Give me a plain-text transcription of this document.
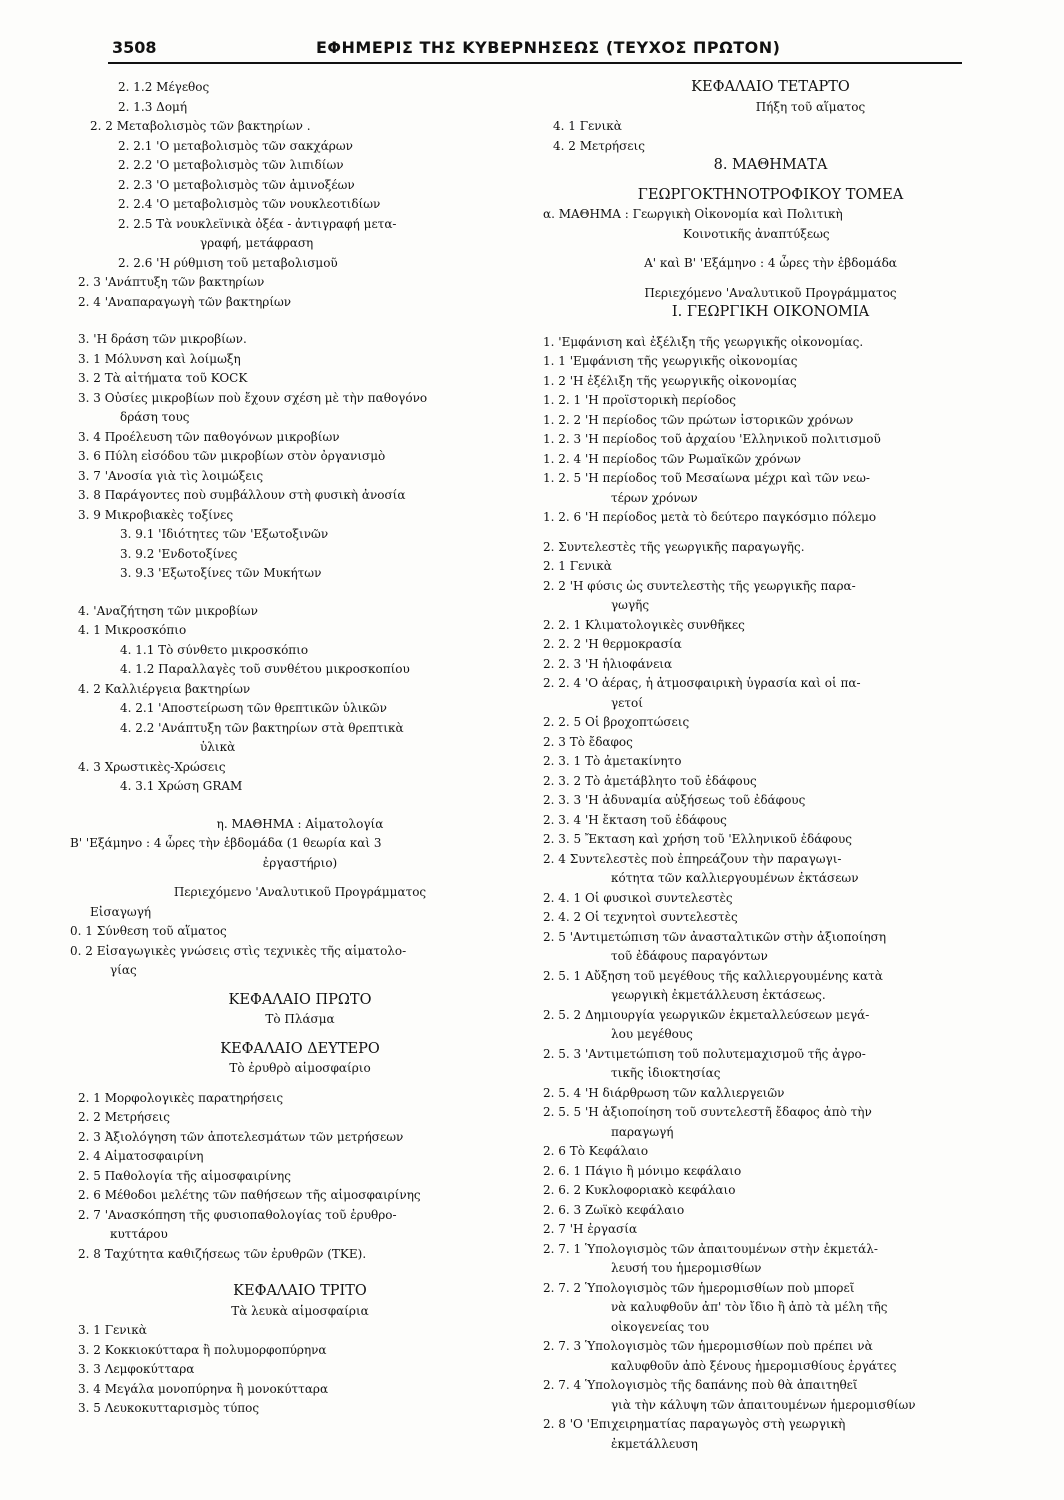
3508	ΕΦΗΜΕΡΙΣ ΤΗΣ ΚΥΒΕΡΝΗΣΕΩΣ (ΤΕΥΧΟΣ ΠΡΩΤΟΝ)
2. 1.2 Μέγεθος
2. 1.3 Δομή
2. 2 Μεταβολισμὸς τῶν βακτηρίων .
2. 2.1 'Ο μεταβολισμὸς τῶν σακχάρων
2. 2.2 'Ο μεταβολισμὸς τῶν λιπιδίων
2. 2.3 'Ο μεταβολισμὸς τῶν ἀμινοξέων
2. 2.4 'Ο μεταβολισμὸς τῶν νουκλεοτιδίων
2. 2.5 Τὰ νουκλεϊνικὰ ὀξέα - ἀντιγραφή μετα-
γραφή, μετάφραση
2. 2.6 'Η ρύθμιση τοῦ μεταβολισμοῦ
2. 3 'Ανάπτυξη τῶν βακτηρίων
2. 4 'Αναπαραγωγὴ τῶν βακτηρίων
3. 'Η δράση τῶν μικροβίων.
3. 1 Μόλυνση καὶ λοίμωξη
3. 2 Τὰ αἰτήματα τοῦ KOCK
3. 3 Οὐσίες μικροβίων ποὺ ἔχουν σχέση μὲ τὴν παθογόνο
δράση τους
3. 4 Προέλευση τῶν παθογόνων μικροβίων
3. 6 Πύλη εἰσόδου τῶν μικροβίων στὸν ὀργανισμὸ
3. 7 'Ανοσία γιὰ τὶς λοιμώξεις
3. 8 Παράγοντες ποὺ συμβάλλουν στὴ φυσικὴ ἀνοσία
3. 9 Μικροβιακὲς τοξίνες
3. 9.1 'Ιδιότητες τῶν 'Εξωτοξινῶν
3. 9.2 'Ενδοτοξίνες
3. 9.3 'Εξωτοξίνες τῶν Μυκήτων
4. 'Αναζήτηση τῶν μικροβίων
4. 1 Μικροσκόπιο
4. 1.1 Τὸ σύνθετο μικροσκόπιο
4. 1.2 Παραλλαγὲς τοῦ συνθέτου μικροσκοπίου
4. 2 Καλλιέργεια βακτηρίων
4. 2.1 'Αποστείρωση τῶν θρεπτικῶν ὑλικῶν
4. 2.2 'Ανάπτυξη τῶν βακτηρίων στὰ θρεπτικὰ
ὑλικὰ
4. 3 Χρωστικὲς-Χρώσεις
4. 3.1 Χρώση GRAM
η. ΜΑΘΗΜΑ : Αἱματολογία
Β' 'Εξάμηνο : 4 ὧρες τὴν ἑβδομάδα (1 θεωρία καὶ 3
ἐργαστήριο)
Περιεχόμενο 'Αναλυτικοῦ Προγράμματος
Εἰσαγωγή
0. 1 Σύνθεση τοῦ αἵματος
0. 2 Εἰσαγωγικὲς γνώσεις στὶς τεχνικὲς τῆς αἱματολο-
γίας
ΚΕΦΑΛΑΙΟ ΠΡΩΤΟ
Τὸ Πλάσμα
ΚΕΦΑΛΑΙΟ ΔΕΥΤΕΡΟ
Τὸ ἐρυθρὸ αἱμοσφαίριο
2. 1 Μορφολογικὲς παρατηρήσεις
2. 2 Μετρήσεις
2. 3 Ἀξιολόγηση τῶν ἀποτελεσμάτων τῶν μετρήσεων
2. 4 Αἱματοσφαιρίνη
2. 5 Παθολογία τῆς αἱμοσφαιρίνης
2. 6 Μέθοδοι μελέτης τῶν παθήσεων τῆς αἱμοσφαιρίνης
2. 7 'Ανασκόπηση τῆς φυσιοπαθολογίας τοῦ ἐρυθρο-
κυττάρου
2. 8 Ταχύτητα καθιζήσεως τῶν ἐρυθρῶν (ΤΚΕ).
ΚΕΦΑΛΑΙΟ ΤΡΙΤΟ
Τὰ λευκὰ αἱμοσφαίρια
3. 1 Γενικὰ
3. 2 Κοκκιοκύτταρα ἢ πολυμορφοπύρηνα
3. 3 Λεμφοκύτταρα
3. 4 Μεγάλα μονοπύρηνα ἢ μονοκύτταρα
3. 5 Λευκοκυτταρισμὸς τύπος
ΚΕΦΑΛΑΙΟ ΤΕΤΑΡΤΟ
Πήξη τοῦ αἵματος
4. 1 Γενικὰ
4. 2 Μετρήσεις
8. ΜΑΘΗΜΑΤΑ
ΓΕΩΡΓΟΚΤΗΝΟΤΡΟΦΙΚΟΥ ΤΟΜΕΑ
α. ΜΑΘΗΜΑ : Γεωργικὴ Οἰκονομία καὶ Πολιτικὴ
Κοινοτικῆς ἀναπτύξεως
Α' καὶ Β' 'Εξάμηνο : 4 ὧρες τὴν ἑβδομάδα
Περιεχόμενο 'Αναλυτικοῦ Προγράμματος
I. ΓΕΩΡΓΙΚΗ ΟΙΚΟΝΟΜΙΑ
1. 'Εμφάνιση καὶ ἐξέλιξη τῆς γεωργικῆς οἰκονομίας.
1. 1 'Εμφάνιση τῆς γεωργικῆς οἰκονομίας
1. 2 'Η ἐξέλιξη τῆς γεωργικῆς οἰκονομίας
1. 2. 1 'Η προϊστορικὴ περίοδος
1. 2. 2 'Η περίοδος τῶν πρώτων ἱστορικῶν χρόνων
1. 2. 3 'Η περίοδος τοῦ ἀρχαίου 'Ελληνικοῦ πολιτισμοῦ
1. 2. 4 'Η περίοδος τῶν Ρωμαϊκῶν χρόνων
1. 2. 5 'Η περίοδος τοῦ Μεσαίωνα μέχρι καὶ τῶν νεω-
τέρων χρόνων
1. 2. 6 'Η περίοδος μετὰ τὸ δεύτερο παγκόσμιο πόλεμο
2. Συντελεστὲς τῆς γεωργικῆς παραγωγῆς.
2. 1 Γενικὰ
2. 2 'Η φύσις ὡς συντελεστὴς τῆς γεωργικῆς παρα-
γωγῆς
2. 2. 1 Κλιματολογικὲς συνθῆκες
2. 2. 2 'Η θερμοκρασία
2. 2. 3 'Η ἡλιοφάνεια
2. 2. 4 'Ο ἀέρας, ἡ ἀτμοσφαιρικὴ ὑγρασία καὶ οἱ πα-
γετοί
2. 2. 5 Οἱ βροχοπτώσεις
2. 3 Τὸ ἔδαφος
2. 3. 1 Τὸ ἀμετακίνητο
2. 3. 2 Τὸ ἀμετάβλητο τοῦ ἐδάφους
2. 3. 3 'Η ἀδυναμία αὐξήσεως τοῦ ἐδάφους
2. 3. 4 'Η ἔκταση τοῦ ἐδάφους
2. 3. 5 Ἔκταση καὶ χρήση τοῦ 'Ελληνικοῦ ἐδάφους
2. 4 Συντελεστὲς ποὺ ἐπηρεάζουν τὴν παραγωγι-
κότητα τῶν καλλιεργουμένων ἐκτάσεων
2. 4. 1 Οἱ φυσικοὶ συντελεστὲς
2. 4. 2 Οἱ τεχνητοὶ συντελεστὲς
2. 5 'Αντιμετώπιση τῶν ἀνασταλτικῶν στὴν ἀξιοποίηση
τοῦ ἐδάφους παραγόντων
2. 5. 1 Αὔξηση τοῦ μεγέθους τῆς καλλιεργουμένης κατὰ
γεωργικὴ ἐκμετάλλευση ἐκτάσεως.
2. 5. 2 Δημιουργία γεωργικῶν ἐκμεταλλεύσεων μεγά-
λου μεγέθους
2. 5. 3 'Αντιμετώπιση τοῦ πολυτεμαχισμοῦ τῆς ἀγρο-
τικῆς ἰδιοκτησίας
2. 5. 4 'Η διάρθρωση τῶν καλλιεργειῶν
2. 5. 5 'Η ἀξιοποίηση τοῦ συντελεστῆ ἔδαφος ἀπὸ τὴν
παραγωγή
2. 6 Τὸ Κεφάλαιο
2. 6. 1 Πάγιο ἢ μόνιμο κεφάλαιο
2. 6. 2 Κυκλοφοριακὸ κεφάλαιο
2. 6. 3 Ζωϊκὸ κεφάλαιο
2. 7 'Η ἐργασία
2. 7. 1 Ὑπολογισμὸς τῶν ἀπαιτουμένων στὴν ἐκμετάλ-
λευσή του ἡμερομισθίων
2. 7. 2 Ὑπολογισμὸς τῶν ἡμερομισθίων ποὺ μπορεῖ
νὰ καλυφθοῦν ἀπ' τὸν ἴδιο ἢ ἀπὸ τὰ μέλη τῆς
οἰκογενείας του
2. 7. 3 Ὑπολογισμὸς τῶν ἡμερομισθίων ποὺ πρέπει νὰ
καλυφθοῦν ἀπὸ ξένους ἡμερομισθίους ἐργάτες
2. 7. 4 Ὑπολογισμὸς τῆς δαπάνης ποὺ θὰ ἀπαιτηθεῖ
γιὰ τὴν κάλυψη τῶν ἀπαιτουμένων ἡμερομισθίων
2. 8 'Ο 'Επιχειρηματίας παραγωγὸς στὴ γεωργικὴ
ἐκμετάλλευση
